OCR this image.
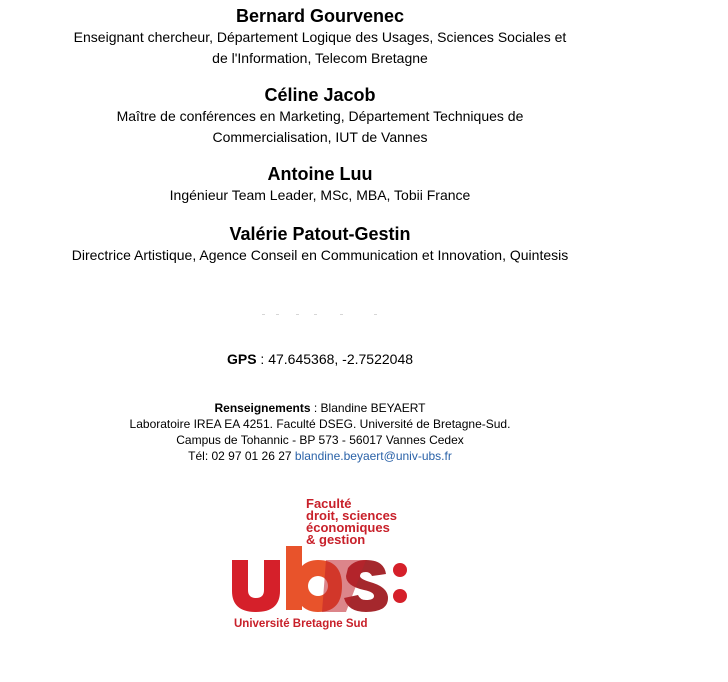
Bernard Gourvenec
Enseignant chercheur, Département Logique des Usages, Sciences Sociales et
de l'Information, Telecom Bretagne
Céline Jacob
Maître de conférences en Marketing, Département Techniques de
Commercialisation, IUT de Vannes
Antoine Luu
Ingénieur Team Leader, MSc, MBA, Tobii France
Valérie Patout-Gestin
Directrice Artistique, Agence Conseil en Communication et Innovation, Quintesis
GPS : 47.645368, -2.7522048
Renseignements : Blandine BEYAERT
Laboratoire IREA EA 4251. Faculté DSEG. Université de Bretagne-Sud.
Campus de Tohannic - BP 573 - 56017 Vannes Cedex
Tél: 02 97 01 26 27 blandine.beyaert@univ-ubs.fr
Faculté
droit, sciences
économiques
& gestion
Université Bretagne Sud
